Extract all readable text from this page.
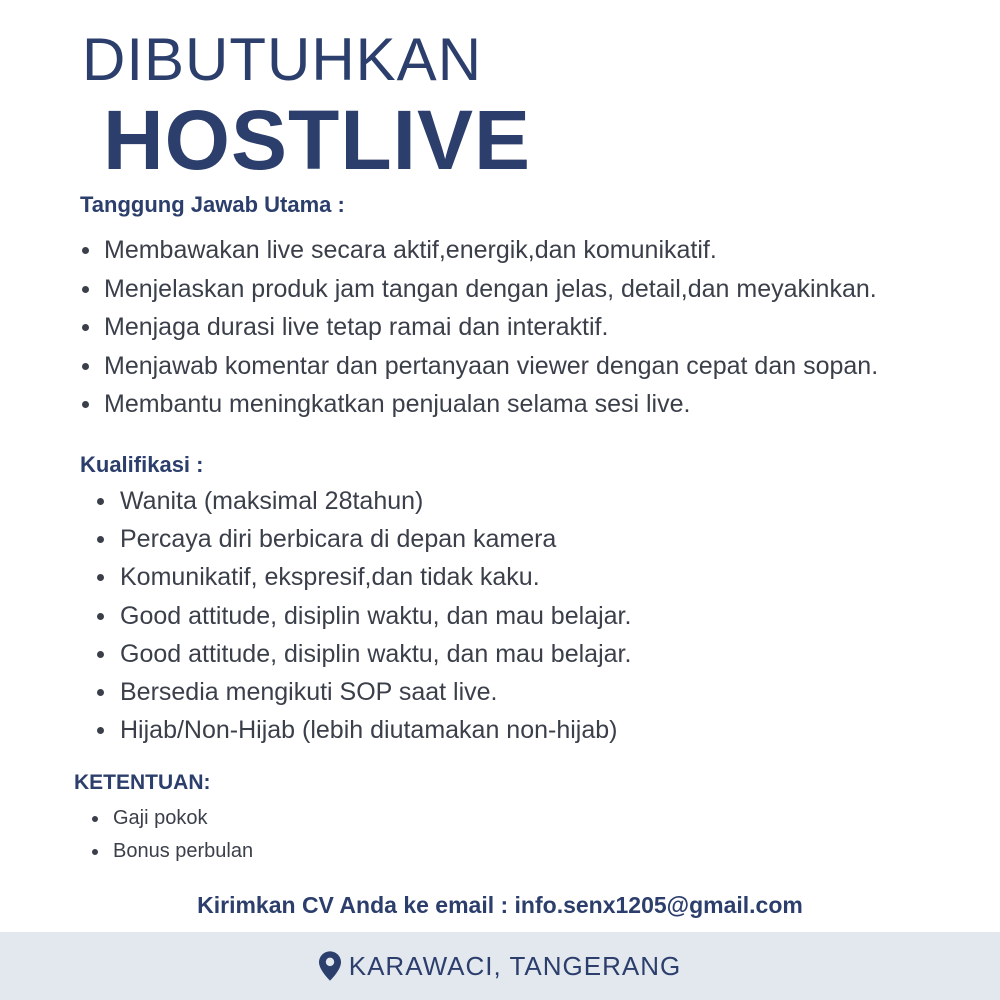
DIBUTUHKAN
HOSTLIVE
Tanggung Jawab Utama :
Membawakan live secara aktif,energik,dan komunikatif.
Menjelaskan produk jam tangan dengan jelas, detail,dan meyakinkan.
Menjaga durasi live tetap ramai dan interaktif.
Menjawab komentar dan pertanyaan viewer dengan cepat dan sopan.
Membantu meningkatkan penjualan selama sesi live.
Kualifikasi :
Wanita (maksimal 28tahun)
Percaya diri berbicara di depan kamera
Komunikatif, ekspresif,dan tidak kaku.
Good attitude, disiplin waktu, dan mau belajar.
Good attitude, disiplin waktu, dan mau belajar.
Bersedia mengikuti SOP saat live.
Hijab/Non-Hijab (lebih diutamakan non-hijab)
KETENTUAN:
Gaji pokok
Bonus perbulan

Kirimkan CV Anda ke email : info.senx1205@gmail.com

KARAWACI, TANGERANG
